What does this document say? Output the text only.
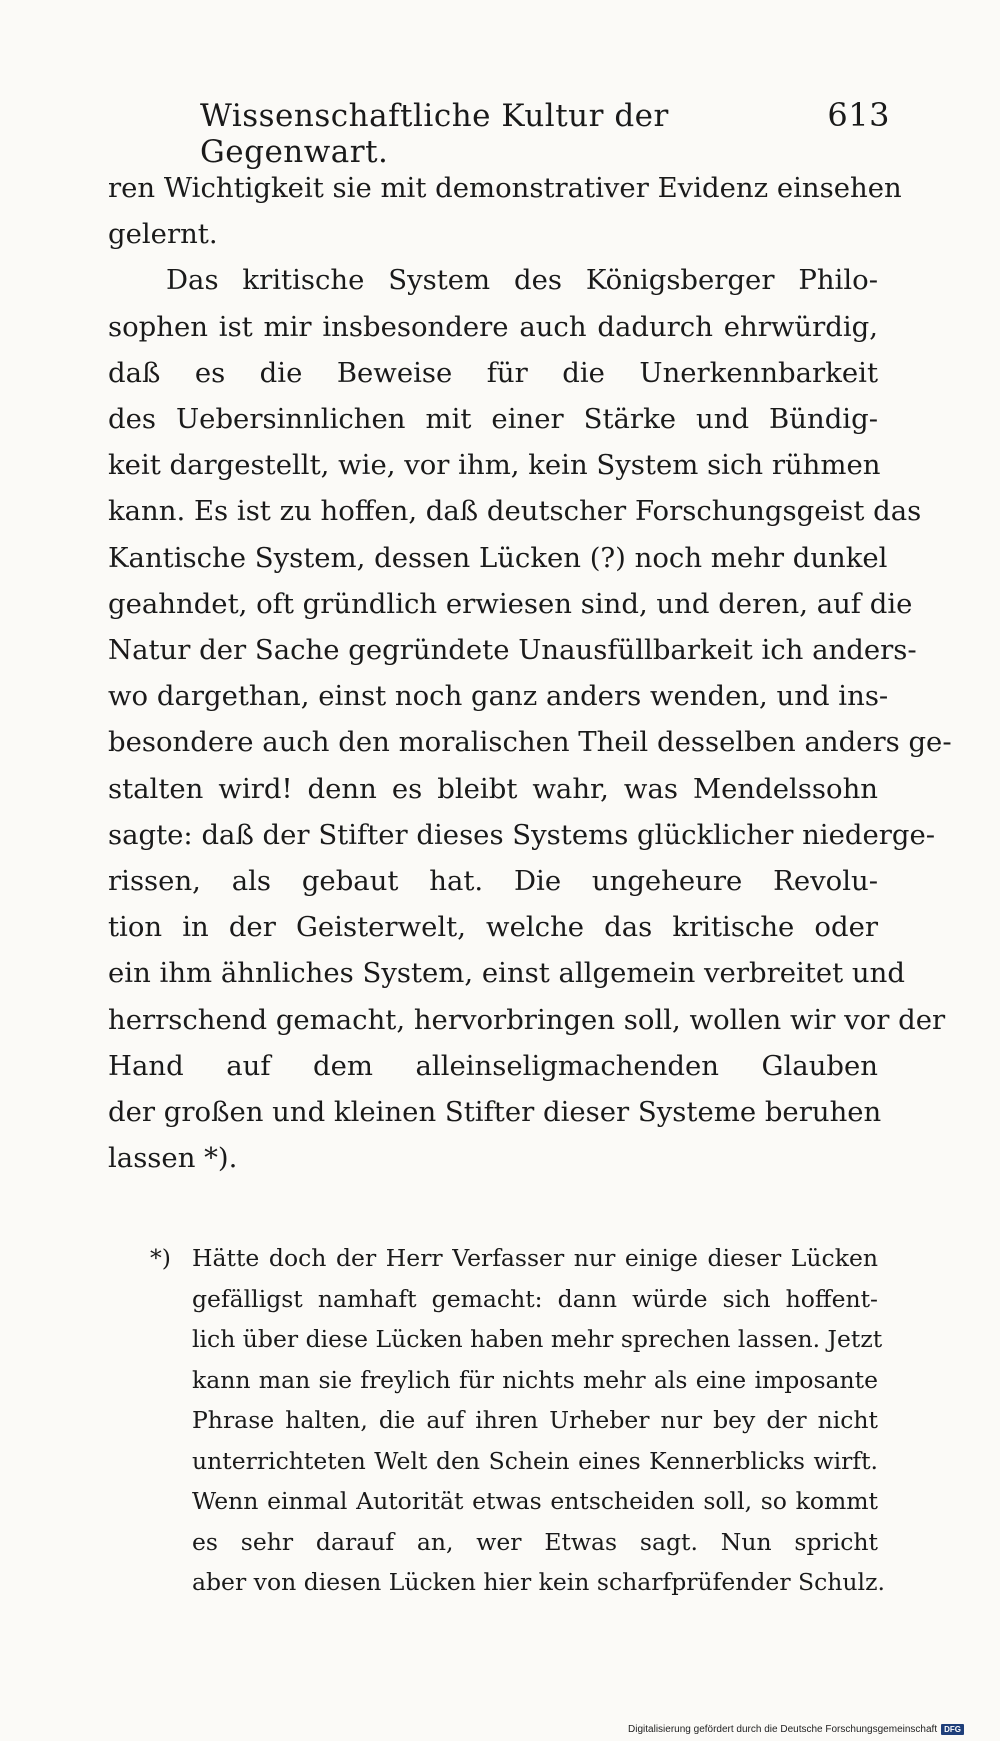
Wissenschaftliche Kultur der Gegenwart.
613
ren Wichtigkeit sie mit demonstrativer Evidenz einsehen
gelernt.
Das kritische System des Königsberger Philo-
sophen ist mir insbesondere auch dadurch ehrwürdig,
daß es die Beweise für die Unerkennbarkeit
des Uebersinnlichen mit einer Stärke und Bündig-
keit dargestellt, wie, vor ihm, kein System sich rühmen
kann. Es ist zu hoffen, daß deutscher Forschungsgeist das
Kantische System, dessen Lücken (?) noch mehr dunkel
geahndet, oft gründlich erwiesen sind, und deren, auf die
Natur der Sache gegründete Unausfüllbarkeit ich anders-
wo dargethan, einst noch ganz anders wenden, und ins-
besondere auch den moralischen Theil desselben anders ge-
stalten wird! denn es bleibt wahr, was Mendelssohn
sagte: daß der Stifter dieses Systems glücklicher niederge-
rissen, als gebaut hat. Die ungeheure Revolu-
tion in der Geisterwelt, welche das kritische oder
ein ihm ähnliches System, einst allgemein verbreitet und
herrschend gemacht, hervorbringen soll, wollen wir vor der
Hand auf dem alleinseligmachenden Glauben
der großen und kleinen Stifter dieser Systeme beruhen
lassen *).
*) Hätte doch der Herr Verfasser nur einige dieser Lücken
gefälligst namhaft gemacht: dann würde sich hoffent-
lich über diese Lücken haben mehr sprechen lassen. Jetzt
kann man sie freylich für nichts mehr als eine imposante
Phrase halten, die auf ihren Urheber nur bey der nicht
unterrichteten Welt den Schein eines Kennerblicks wirft.
Wenn einmal Autorität etwas entscheiden soll, so kommt
es sehr darauf an, wer Etwas sagt. Nun spricht
aber von diesen Lücken hier kein scharfprüfender Schulz.
Digitalisierung gefördert durch die Deutsche Forschungsgemeinschaft DFG
